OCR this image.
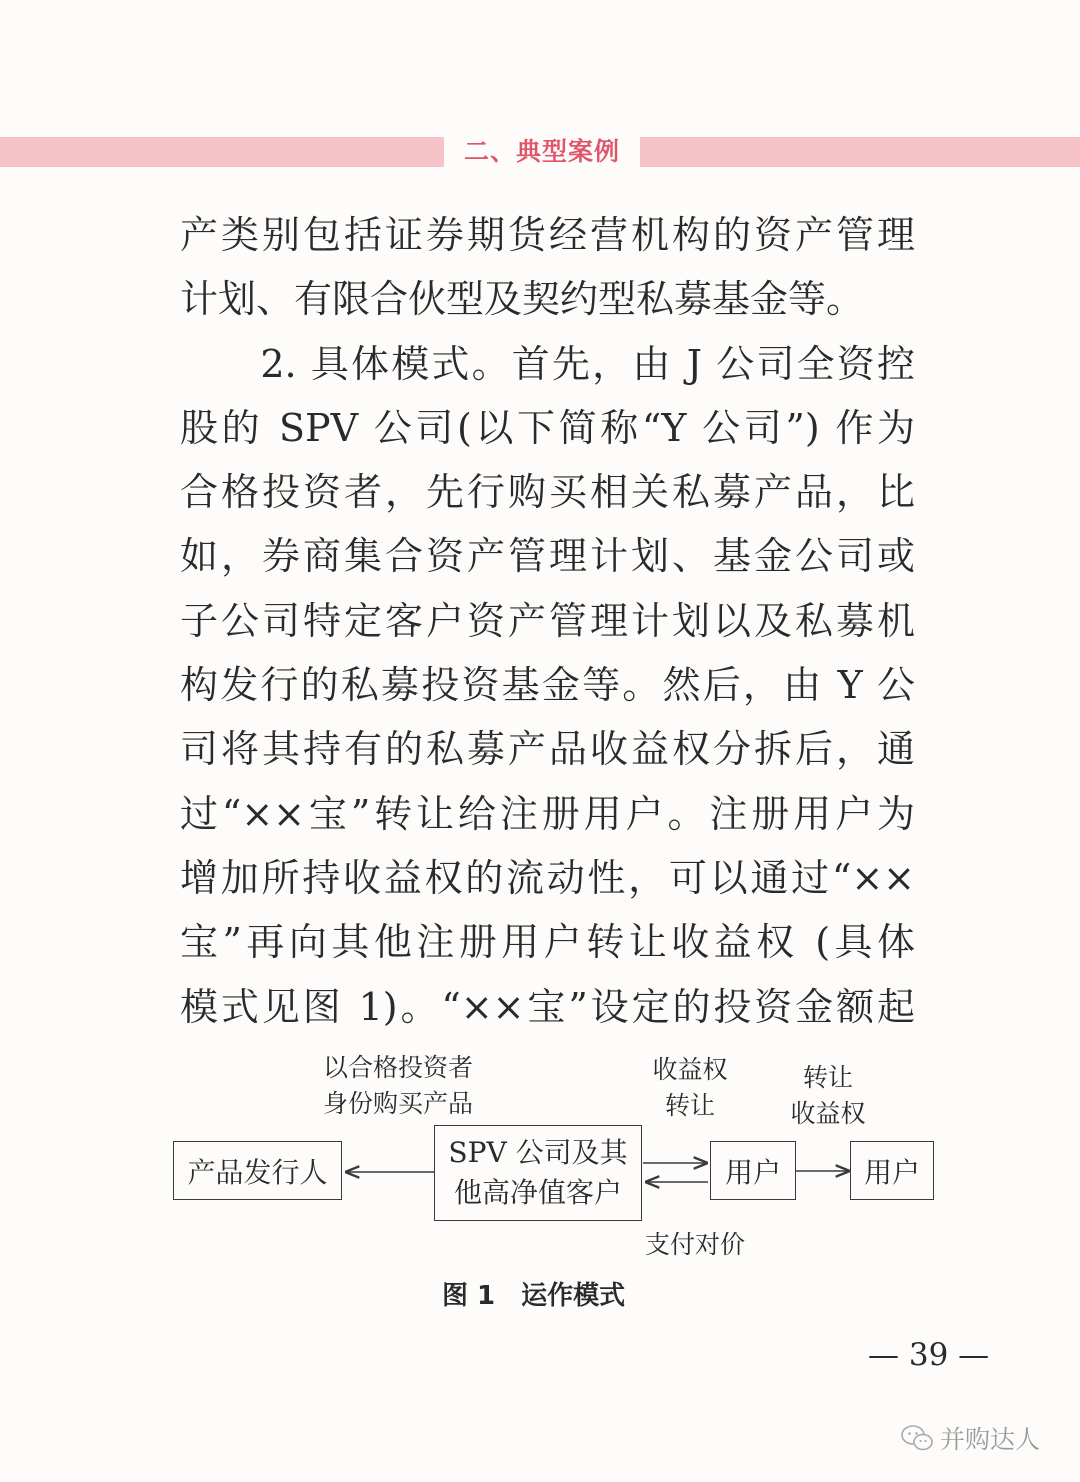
二、典型案例
产类别包括证券期货经营机构的资产管理
计划、有限合伙型及契约型私募基金等。
　　2. 具体模式。首先，由 J 公司全资控
股的 SPV 公司(以下简称“Y 公司”) 作为
合格投资者，先行购买相关私募产品，比
如，券商集合资产管理计划、基金公司或
子公司特定客户资产管理计划以及私募机
构发行的私募投资基金等。然后，由 Y 公
司将其持有的私募产品收益权分拆后，通
过“××宝”转让给注册用户。注册用户为
增加所持收益权的流动性，可以通过“××
宝”再向其他注册用户转让收益权 (具体
模式见图 1)。“××宝”设定的投资金额起
以合格投资者
身份购买产品
收益权
转让
转让
收益权
产品发行人
SPV 公司及其
他高净值客户
用户	用户
支付对价
图 1　运作模式
— 39 —
并购达人
